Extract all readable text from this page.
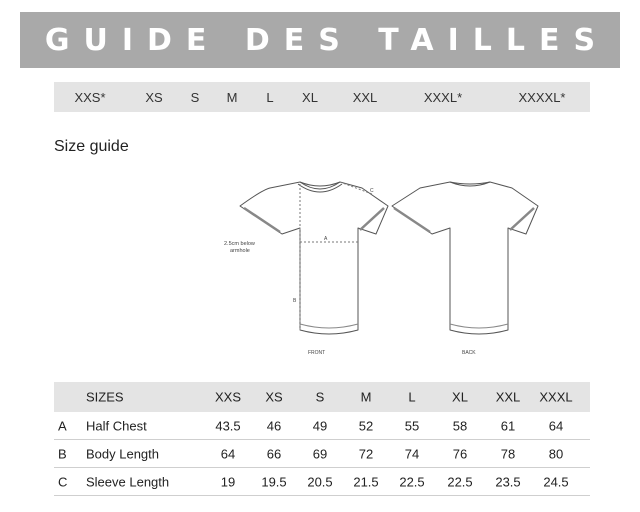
GUIDE DES TAILLES
XXS*	XS S M L XL	XXL	XXXL*	XXXXL*
Size guide
2.5cm below
armhole
A
B
C
FRONT	BACK
SIZES	XXS XS	S	M	L	XL XXL XXXL
A Half Chest	43.5 46 49 52 55	58	61	64
B Body Length	64 66 69 72 74	76	78	80
C Sleeve Length	19 19.5 20.5 21.5 22.5 22.5 23.5 24.5
